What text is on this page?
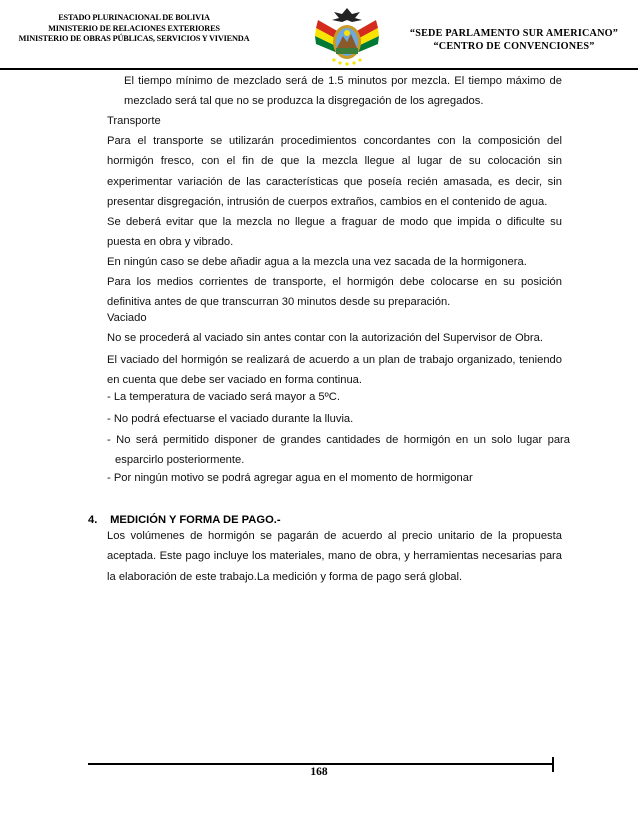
ESTADO PLURINACIONAL DE BOLIVIA
MINISTERIO DE RELACIONES EXTERIORES
MINISTERIO DE OBRAS PÚBLICAS, SERVICIOS Y VIVIENDA	“SEDE PARLAMENTO SUR AMERICANO”
“CENTRO DE CONVENCIONES”

El tiempo mínimo de mezclado será de 1.5 minutos por mezcla. El tiempo máximo de mezclado será tal que no se produzca la disgregación de los agregados.

Transporte

Para el transporte se utilizarán procedimientos concordantes con la composición del hormigón fresco, con el fin de que la mezcla llegue al lugar de su colocación sin experimentar variación de las características que poseía recién amasada, es decir, sin presentar disgregación, intrusión de cuerpos extraños, cambios en el contenido de agua.

Se deberá evitar que la mezcla no llegue a fraguar de modo que impida o dificulte su puesta en obra y vibrado.

En ningún caso se debe añadir agua a la mezcla una vez sacada de la hormigonera.

Para los medios corrientes de transporte, el hormigón debe colocarse en su posición definitiva antes de que transcurran 30 minutos desde su preparación.

Vaciado

No se procederá al vaciado sin antes contar con la autorización del Supervisor de Obra.

El vaciado del hormigón se realizará de acuerdo a un plan de trabajo organizado, teniendo en cuenta que debe ser vaciado en forma continua.

- La temperatura de vaciado será mayor a 5ºC.

- No podrá efectuarse el vaciado durante la lluvia.

- No será permitido disponer de grandes cantidades de hormigón en un solo lugar para esparcirlo posteriormente.

- Por ningún motivo se podrá agregar agua en el momento de hormigonar

4. MEDICIÓN Y FORMA DE PAGO.-

Los volúmenes de hormigón se pagarán de acuerdo al precio unitario de la propuesta aceptada. Este pago incluye los materiales, mano de obra, y herramientas necesarias para la elaboración de este trabajo.La medición y forma de pago será global.

168
